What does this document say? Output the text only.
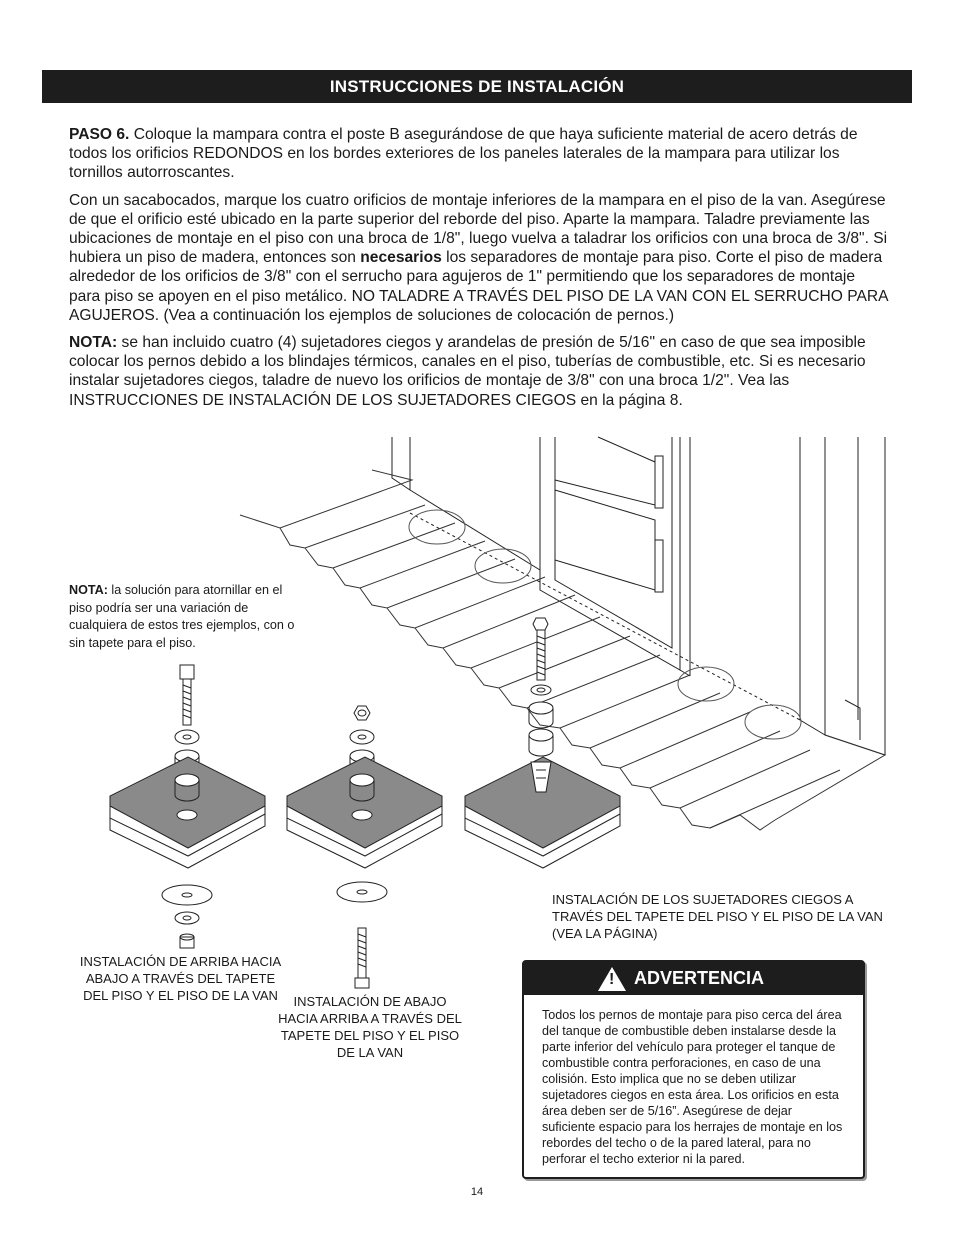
INSTRUCCIONES DE INSTALACIÓN

PASO 6. Coloque la mampara contra el poste B asegurándose de que haya suficiente material de acero detrás de todos los orificios REDONDOS en los bordes exteriores de los paneles laterales de la mampara para utilizar los tornillos autorroscantes.

Con un sacabocados, marque los cuatro orificios de montaje inferiores de la mampara en el piso de la van. Asegúrese de que el orificio esté ubicado en la parte superior del reborde del piso. Aparte la mampara. Taladre previamente las ubicaciones de montaje en el piso con una broca de 1/8", luego vuelva a taladrar los orificios con una broca de 3/8". Si hubiera un piso de madera, entonces son necesarios los separadores de montaje para piso. Corte el piso de madera alrededor de los orificios de 3/8" con el serrucho para agujeros de 1" permitiendo que los separadores de montaje para piso se apoyen en el piso metálico. NO TALADRE A TRAVÉS DEL PISO DE LA VAN CON EL SERRUCHO PARA AGUJEROS. (Vea a continuación los ejemplos de soluciones de colocación de pernos.)

NOTA: se han incluido cuatro (4) sujetadores ciegos y arandelas de presión de 5/16" en caso de que sea imposible colocar los pernos debido a los blindajes térmicos, canales en el piso, tuberías de combustible, etc. Si es necesario instalar sujetadores ciegos, taladre de nuevo los orificios de montaje de 3/8" con una broca 1/2". Vea las INSTRUCCIONES DE INSTALACIÓN DE LOS SUJETADORES CIEGOS en la página 8.

NOTA: la solución para atornillar en el piso podría ser una variación de cualquiera de estos tres ejemplos, con o sin tapete para el piso.
INSTALACIÓN DE ARRIBA HACIA ABAJO A TRAVÉS DEL TAPETE DEL PISO Y EL PISO DE LA VAN	INSTALACIÓN DE ABAJO HACIA ARRIBA A TRAVÉS DEL TAPETE DEL PISO Y EL PISO DE LA VAN
INSTALACIÓN DE LOS SUJETADORES CIEGOS A TRAVÉS DEL TAPETE DEL PISO Y EL PISO DE LA VAN (VEA LA PÁGINA)
! ADVERTENCIA
Todos los pernos de montaje para piso cerca del área del tanque de combustible deben instalarse desde la parte inferior del vehículo para proteger el tanque de combustible contra perforaciones, en caso de una colisión. Esto implica que no se deben utilizar sujetadores ciegos en esta área. Los orificios en esta área deben ser de 5/16”. Asegúrese de dejar suficiente espacio para los herrajes de montaje en los rebordes del techo o de la pared lateral, para no perforar el techo exterior ni la pared.
14
